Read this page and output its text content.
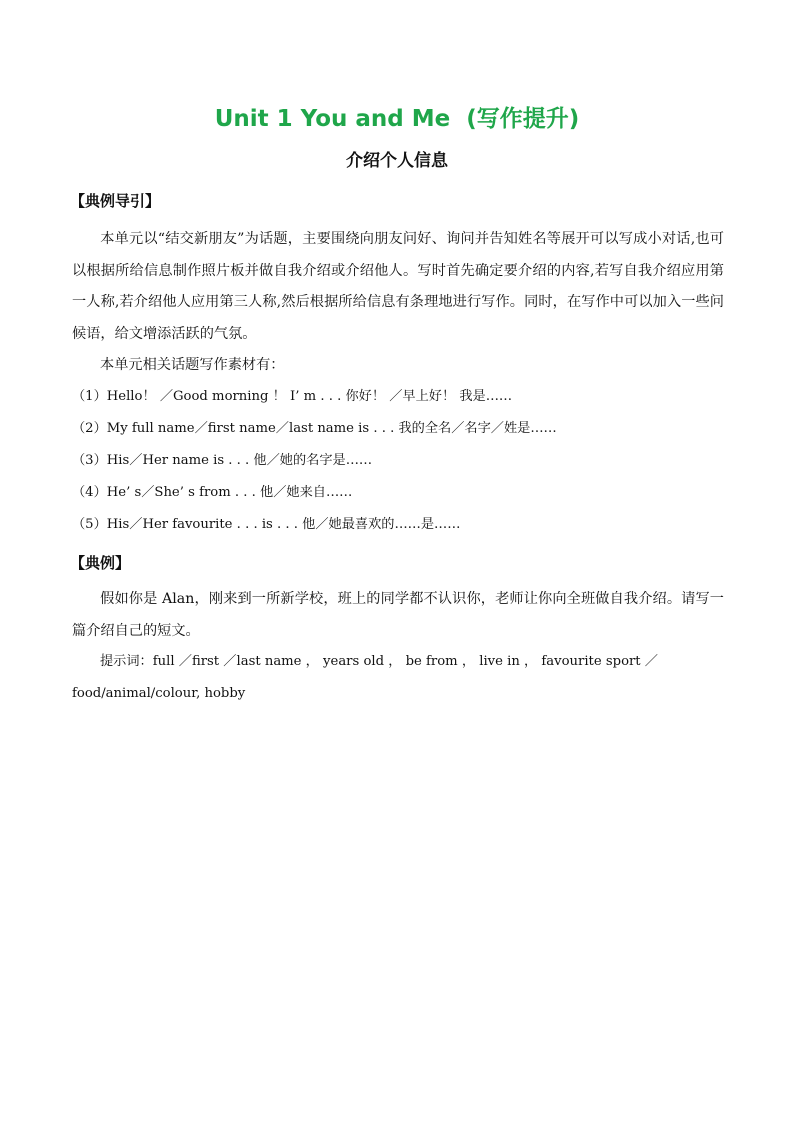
Unit 1 You and Me (写作提升)
介绍个人信息
【典例导引】
本单元以“结交新朋友”为话题，主要围绕向朋友问好、询问并告知姓名等展开可以写成小对话,也可以根据所给信息制作照片板并做自我介绍或介绍他人。写时首先确定要介绍的内容,若写自我介绍应用第一人称,若介绍他人应用第三人称,然后根据所给信息有条理地进行写作。同时，在写作中可以加入一些问候语，给文增添活跃的气氛。
本单元相关话题写作素材有：
（1）Hello！ ／Good morning ！ I’ m . . . 你好！ ／早上好！ 我是……
（2）My full name／first name／last name is . . . 我的全名／名字／姓是……
（3）His／Her name is . . . 他／她的名字是……
（4）He’ s／She’ s from . . . 他／她来自……
（5）His／Her favourite . . . is . . . 他／她最喜欢的……是……
【典例】
假如你是 Alan，刚来到一所新学校，班上的同学都不认识你，老师让你向全班做自我介绍。请写一篇介绍自己的短文。
提示词：full ／first ／last name ， years old ， be from ， live in ， favourite sport ／
food/animal/colour, hobby
